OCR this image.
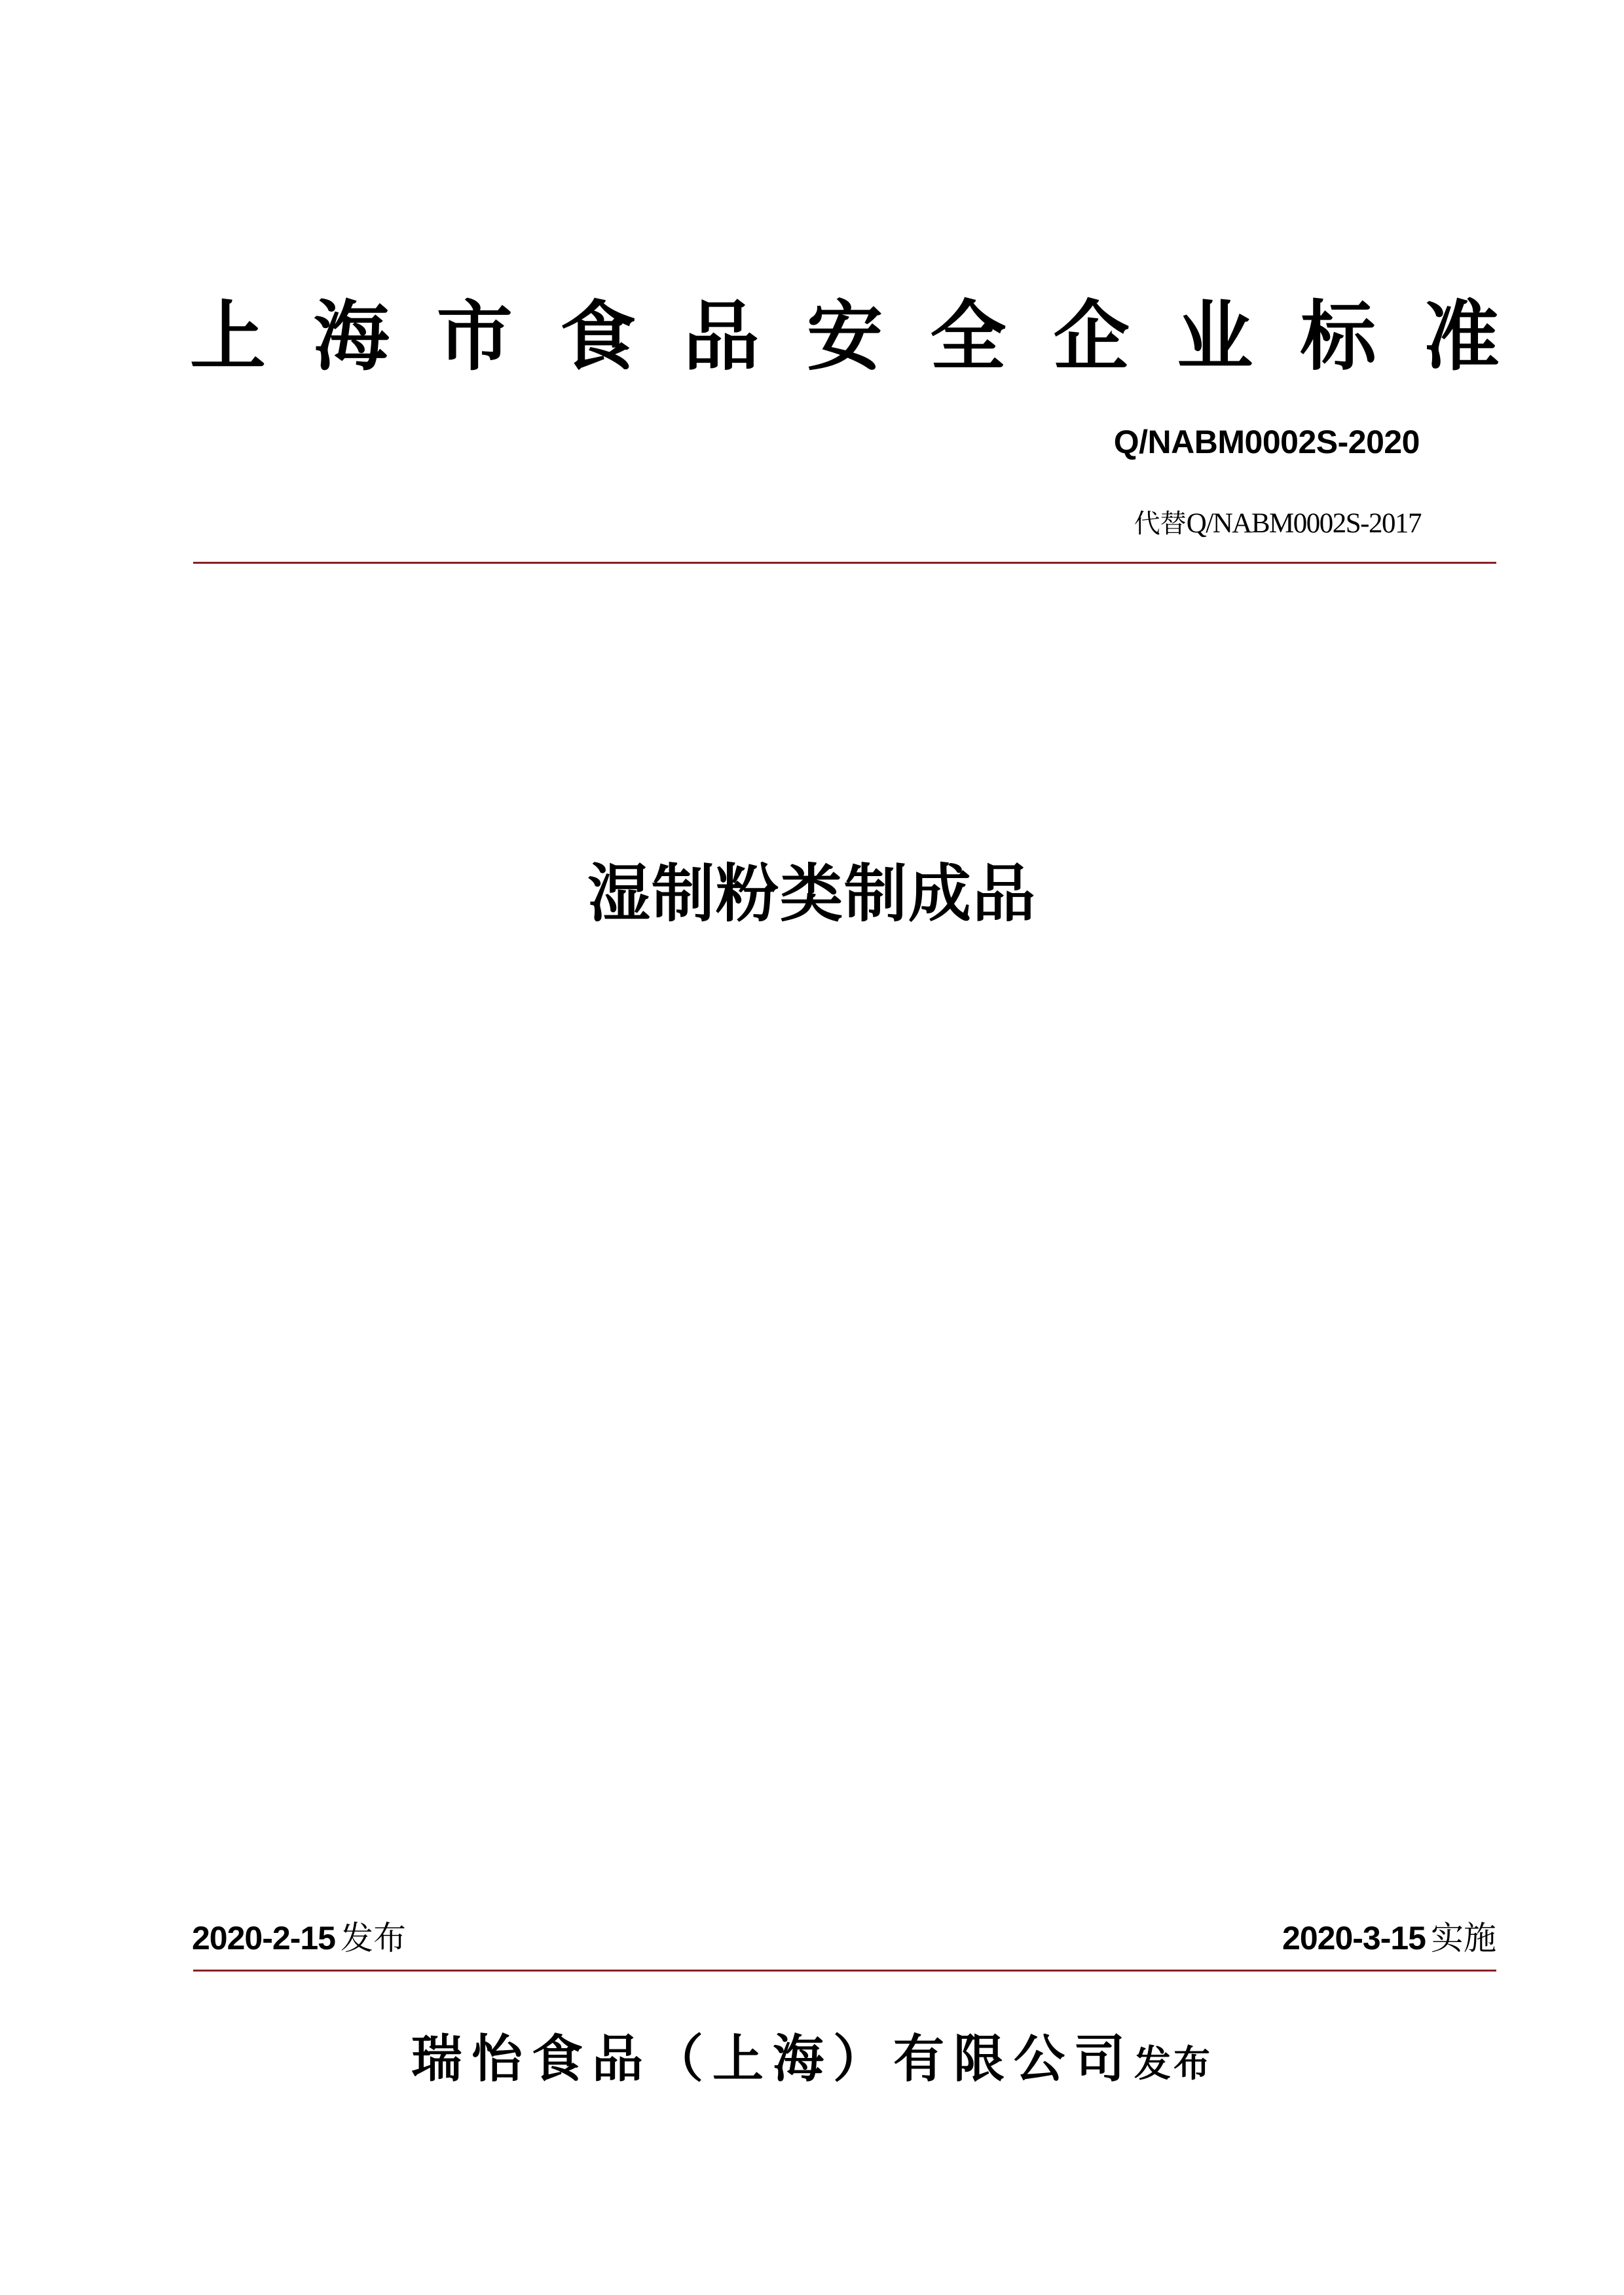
上 海 市 食 品 安 全 企 业 标 准
Q/NABM0002S-2020
代替Q/NABM0002S-2017
湿制粉类制成品
2020-2-15 发布	2020-3-15 实施
瑞怡食品（上海）有限公司发布
